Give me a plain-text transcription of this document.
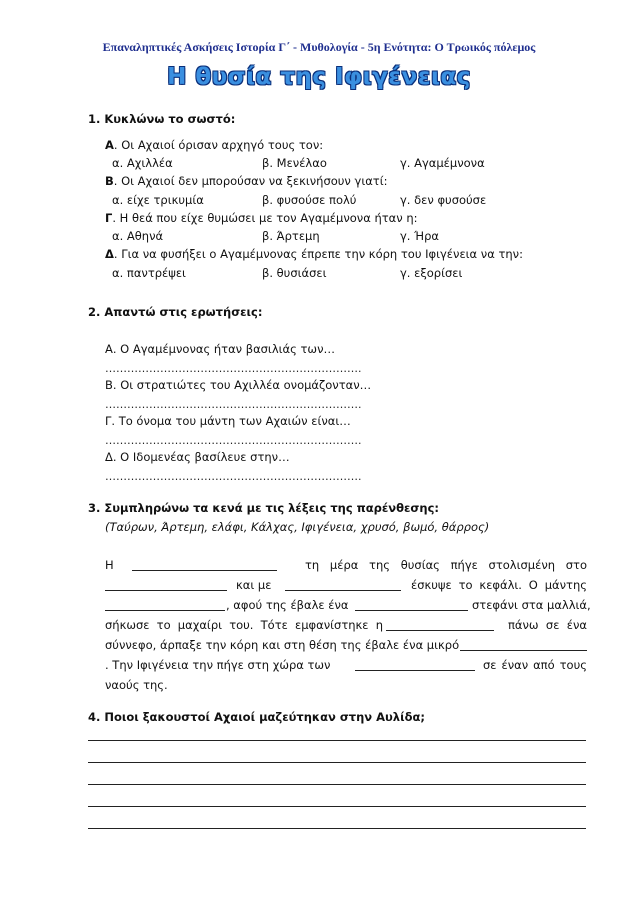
Επαναληπτικές Ασκήσεις Ιστορία Γ΄ - Μυθολογία - 5η Ενότητα: Ο Τρωικός πόλεμος
Η θυσία της Ιφιγένειας
1. Κυκλώνω το σωστό:
Α. Οι Αχαιοί όρισαν αρχηγό τους τον:
α. Αχιλλέα	β. Μενέλαο	γ. Αγαμέμνονα
Β. Οι Αχαιοί δεν μπορούσαν να ξεκινήσουν γιατί:
α. είχε τρικυμία	β. φυσούσε πολύ	γ. δεν φυσούσε
Γ. Η θεά που είχε θυμώσει με τον Αγαμέμνονα ήταν η:
α. Αθηνά	β. Άρτεμη	γ. Ήρα
Δ. Για να φυσήξει ο Αγαμέμνονας έπρεπε την κόρη του Ιφιγένεια να την:
α. παντρέψει	β. θυσιάσει	γ. εξορίσει
2. Απαντώ στις ερωτήσεις:
Α. Ο Αγαμέμνονας ήταν βασιλιάς των…
…………………………………………………………….
Β. Οι στρατιώτες του Αχιλλέα ονομάζονταν…
…………………………………………………………….
Γ. Το όνομα του μάντη των Αχαιών είναι…
…………………………………………………………….
Δ. Ο Ιδομενέας βασίλευε στην…
…………………………………………………………….
3. Συμπληρώνω τα κενά με τις λέξεις της παρένθεσης:
(Ταύρων, Άρτεμη, ελάφι, Κάλχας, Ιφιγένεια, χρυσό, βωμό, θάρρος)
Η	τη μέρα της θυσίας πήγε στολισμένη στο
και με	έσκυψε το κεφάλι. Ο μάντης
, αφού της έβαλε ένα	στεφάνι στα μαλλιά,
σήκωσε το μαχαίρι του. Τότε εμφανίστηκε η	πάνω σε ένα
σύννεφο, άρπαξε την κόρη και στη θέση της έβαλε ένα μικρό
. Την Ιφιγένεια την πήγε στη χώρα των	σε έναν από τους
ναούς της.
4. Ποιοι ξακουστοί Αχαιοί μαζεύτηκαν στην Αυλίδα;
